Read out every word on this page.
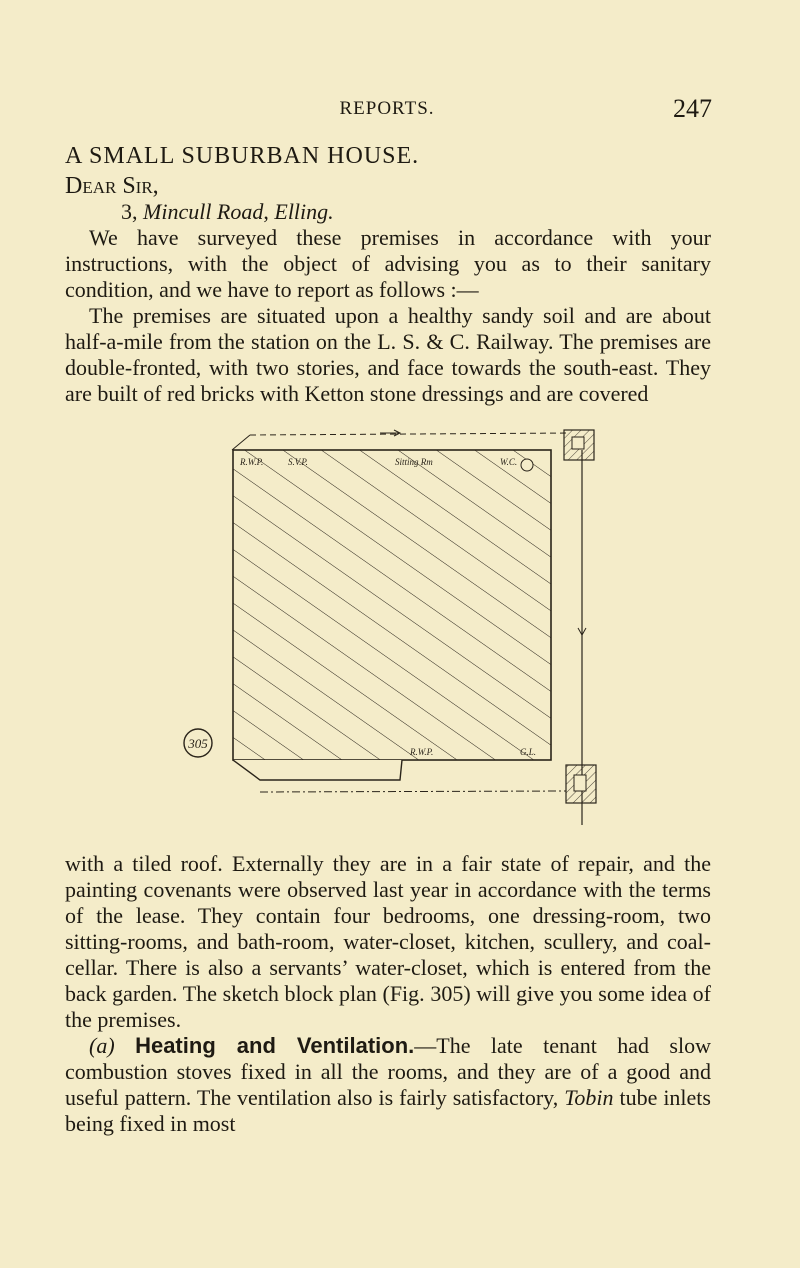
REPORTS.	247

A SMALL SUBURBAN HOUSE.

Dear Sir,

3, Mincull Road, Elling.

We have surveyed these premises in accordance with your instructions, with the object of advising you as to their sanitary condition, and we have to report as follows :—

The premises are situated upon a healthy sandy soil and are about half-a-mile from the station on the L. S. & C. Railway. The premises are double-fronted, with two stories, and face towards the south-east. They are built of red bricks with Ketton stone dressings and are covered

305
R.W.P.	S.V.P.	Sitting Rm	W.C.
R.W.P.	G.L.

with a tiled roof. Externally they are in a fair state of repair, and the painting covenants were observed last year in accordance with the terms of the lease. They contain four bedrooms, one dressing-room, two sitting-rooms, and bath-room, water-closet, kitchen, scullery, and coal-cellar. There is also a servants’ water-closet, which is entered from the back garden. The sketch block plan (Fig. 305) will give you some idea of the premises.

(a) Heating and Ventilation.—The late tenant had slow combustion stoves fixed in all the rooms, and they are of a good and useful pattern. The ventilation also is fairly satisfactory, Tobin tube inlets being fixed in most
